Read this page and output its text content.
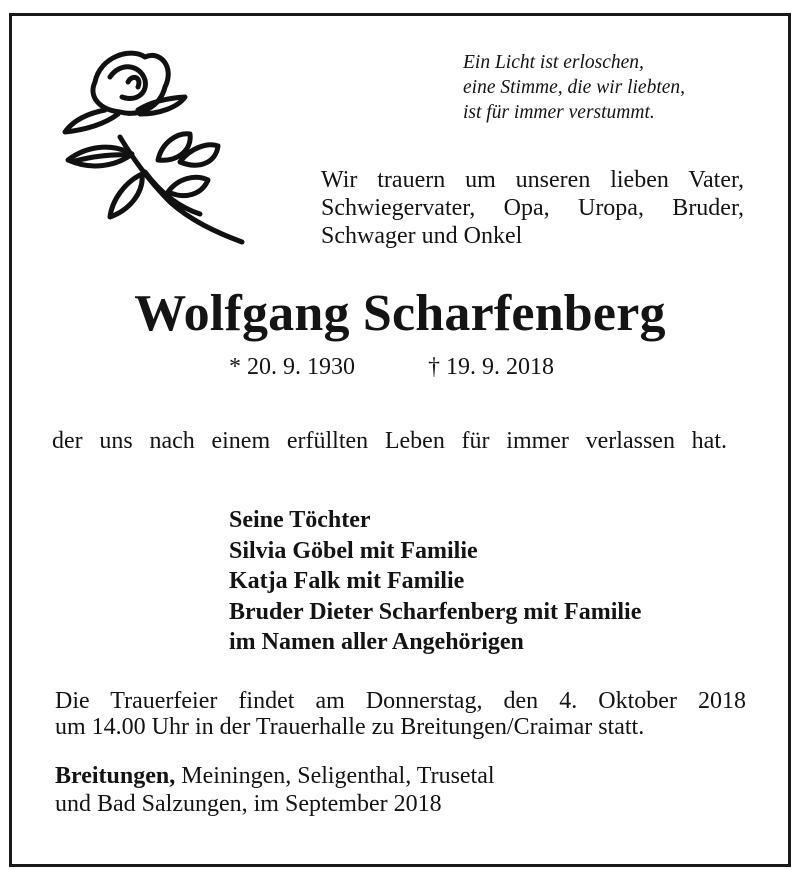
Ein Licht ist erloschen,
eine Stimme, die wir liebten,
ist für immer verstummt.
Wir trauern um unseren lieben Vater,
Schwiegervater, Opa, Uropa, Bruder,
Schwager und Onkel
Wolfgang Scharfenberg
* 20. 9. 1930	† 19. 9. 2018
der uns nach einem erfüllten Leben für immer verlassen hat.
Seine Töchter
Silvia Göbel mit Familie
Katja Falk mit Familie
Bruder Dieter Scharfenberg mit Familie
im Namen aller Angehörigen
Die Trauerfeier findet am Donnerstag, den 4. Oktober 2018
um 14.00 Uhr in der Trauerhalle zu Breitungen/Craimar statt.
Breitungen, Meiningen, Seligenthal, Trusetal
und Bad Salzungen, im September 2018
